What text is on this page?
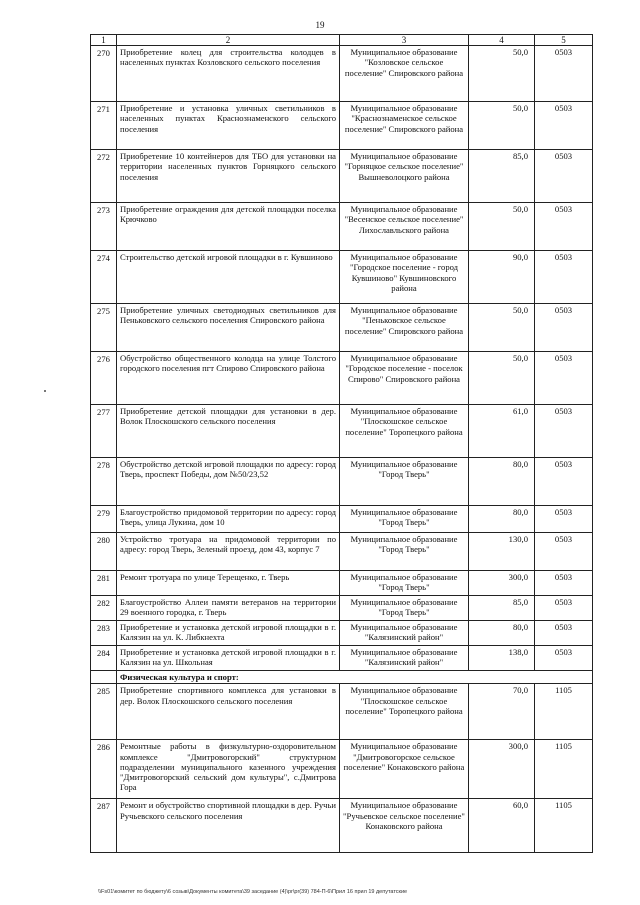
19
1	2	3	4	5
270	Приобретение колец для строительства колодцев в населенных пунктах Козловского сельского поселения	Муниципальное образование "Козловское сельское поселение" Спировского района	50,0	0503
271	Приобретение и установка уличных светильников в населенных пунктах Краснознаменского сельского поселения	Муниципальное образование "Краснознаменское сельское поселение" Спировского района	50,0	0503
272	Приобретение 10 контейнеров для ТБО для установки на территории населенных пунктов Горняцкого сельского поселения	Муниципальное образование "Горняцкое сельское поселение" Вышневолоцкого района	85,0	0503
273	Приобретение ограждения для детской площадки поселка Крючково	Муниципальное образование "Весенское сельское поселение" Лихославльского района	50,0	0503
274	Строительство детской игровой площадки в г. Кувшиново	Муниципальное образование "Городское поселение - город Кувшиново" Кувшиновского района	90,0	0503
275	Приобретение уличных светодиодных светильников для Пеньковского сельского поселения Спировского района	Муниципальное образование "Пеньковское сельское поселение" Спировского района	50,0	0503
276	Обустройство общественного колодца на улице Толстого городского поселения пгт Спирово Спировского района	Муниципальное образование "Городское поселение - поселок Спирово" Спировского района	50,0	0503
277	Приобретение детской площадки для установки в дер. Волок Плоскошского сельского поселения	Муниципальное образование "Плоскошское сельское поселение" Торопецкого района	61,0	0503
278	Обустройство детской игровой площадки по адресу: город Тверь, проспект Победы, дом №50/23,52	Муниципальное образование "Город Тверь"	80,0	0503
279	Благоустройство придомовой территории по адресу: город Тверь, улица Лукина, дом 10	Муниципальное образование "Город Тверь"	80,0	0503
280	Устройство тротуара на придомовой территории по адресу: город Тверь, Зеленый проезд, дом 43, корпус 7	Муниципальное образование "Город Тверь"	130,0	0503
281	Ремонт тротуара по улице Терещенко, г. Тверь	Муниципальное образование "Город Тверь"	300,0	0503
282	Благоустройство Аллеи памяти ветеранов на территории 29 военного городка, г. Тверь	Муниципальное образование "Город Тверь"	85,0	0503
283	Приобретение и установка детской игровой площадки в г. Калязин на ул. К. Либкнехта	Муниципальное образование "Калязинский район"	80,0	0503
284	Приобретение и установка детской игровой площадки в г. Калязин на ул. Школьная	Муниципальное образование "Калязинский район"	138,0	0503
	Физическая культура и спорт:			
285	Приобретение спортивного комплекса для установки в дер. Волок Плоскошского сельского поселения	Муниципальное образование "Плоскошское сельское поселение" Торопецкого района	70,0	1105
286	Ремонтные работы в физкультурно-оздоровительном комплексе "Дмитровогорский" структурном подразделении муниципального казенного учреждения "Дмитровогорский сельский дом культуры", с.Дмитрова Гора	Муниципальное образование "Дмитровогорское сельское поселение" Конаковского района	300,0	1105
287	Ремонт и обустройство спортивной площадки в дер. Ручьи Ручьевского сельского поселения	Муниципальное образование "Ручьевское сельское поселение" Конаковского района	60,0	1105
\\Fs01\комитет по бюджету\6 созыв\Документы комитета\39 заседание (4)\pr\pr(39) 784-П-6\Прил 16 прил 19 депутатские
